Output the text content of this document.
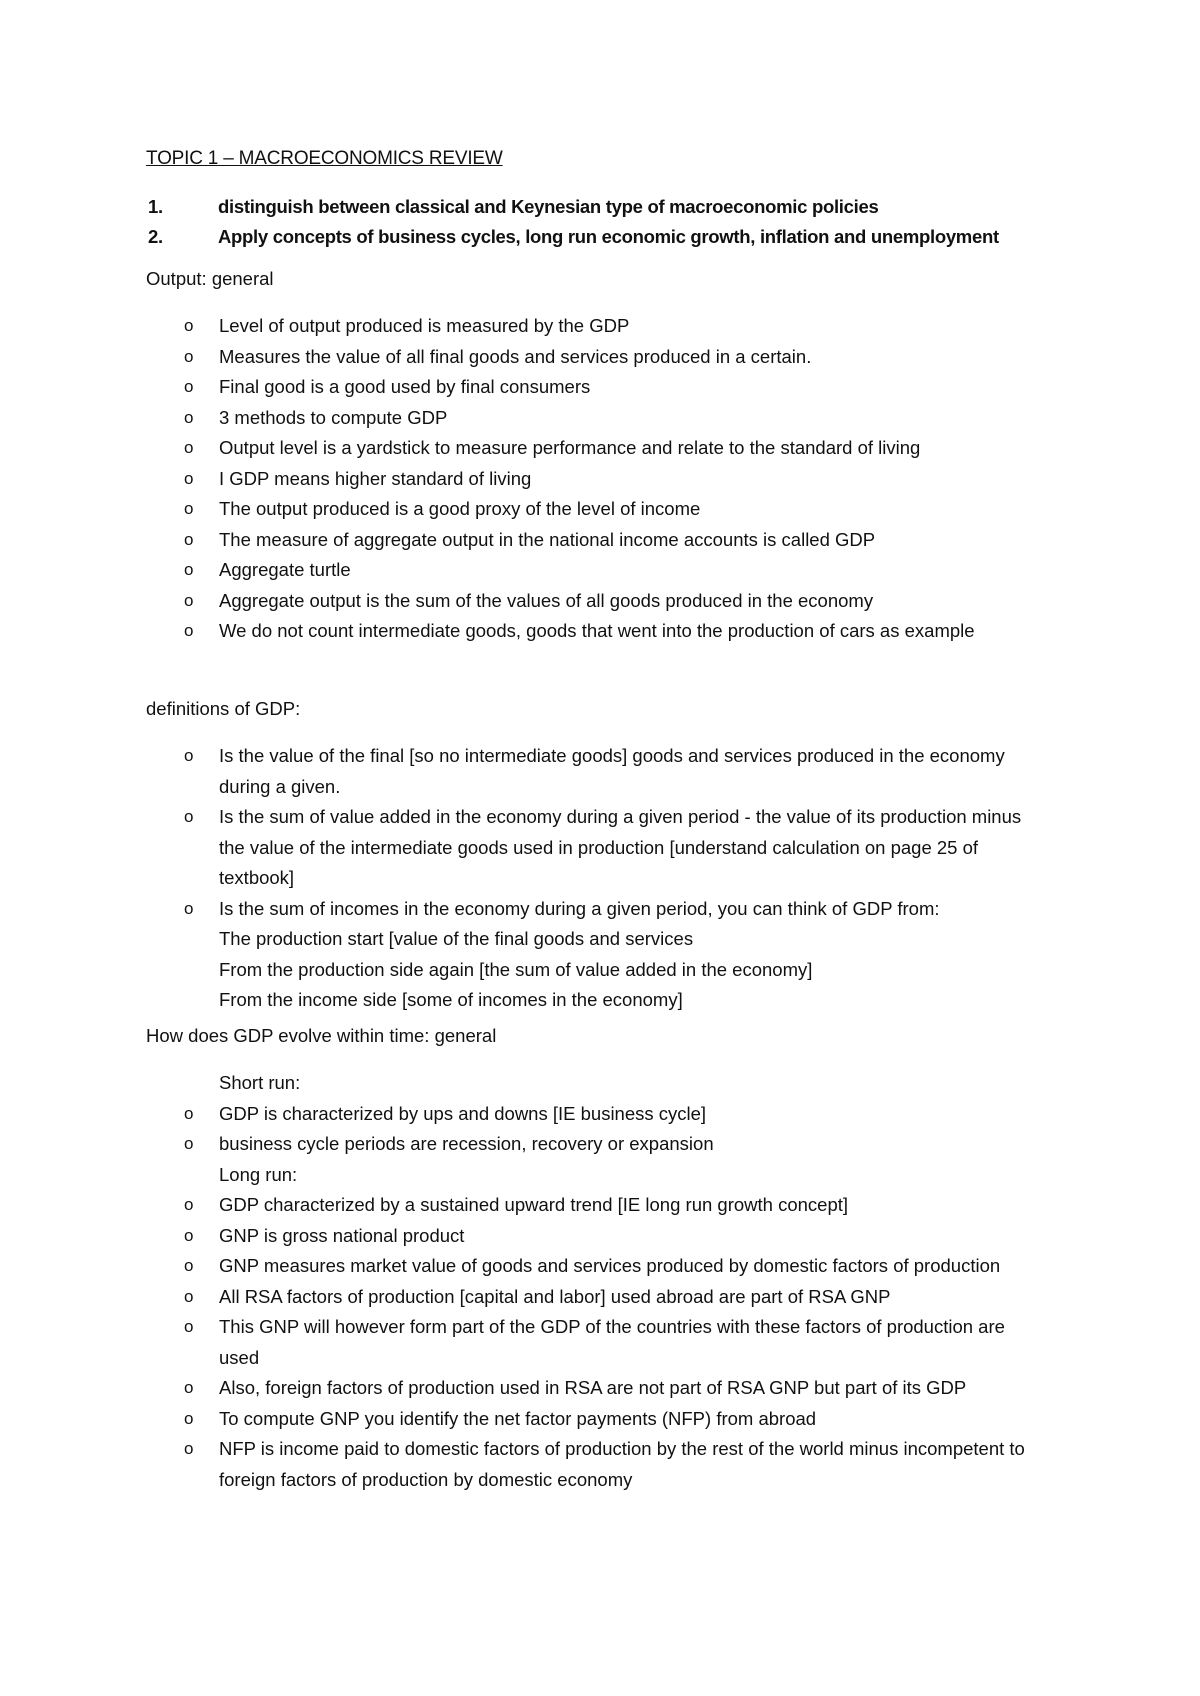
TOPIC 1 – MACROECONOMICS REVIEW
1.	distinguish between classical and Keynesian type of macroeconomic policies
2.	Apply concepts of business cycles, long run economic growth, inflation and unemployment
Output: general
o Level of output produced is measured by the GDP
o Measures the value of all final goods and services produced in a certain.
o Final good is a good used by final consumers
o 3 methods to compute GDP
o Output level is a yardstick to measure performance and relate to the standard of living
o I GDP means higher standard of living
o The output produced is a good proxy of the level of income
o The measure of aggregate output in the national income accounts is called GDP
o Aggregate turtle
o Aggregate output is the sum of the values of all goods produced in the economy
o We do not count intermediate goods, goods that went into the production of cars as example
definitions of GDP:
o Is the value of the final [so no intermediate goods] goods and services produced in the economy during a given.
o Is the sum of value added in the economy during a given period - the value of its production minus the value of the intermediate goods used in production [understand calculation on page 25 of textbook]
o Is the sum of incomes in the economy during a given period, you can think of GDP from:
The production start [value of the final goods and services
From the production side again [the sum of value added in the economy]
From the income side [some of incomes in the economy]
How does GDP evolve within time: general
Short run:
o GDP is characterized by ups and downs [IE business cycle]
o business cycle periods are recession, recovery or expansion
Long run:
o GDP characterized by a sustained upward trend [IE long run growth concept]
o GNP is gross national product
o GNP measures market value of goods and services produced by domestic factors of production
o All RSA factors of production [capital and labor] used abroad are part of RSA GNP
o This GNP will however form part of the GDP of the countries with these factors of production are used
o Also, foreign factors of production used in RSA are not part of RSA GNP but part of its GDP
o To compute GNP you identify the net factor payments (NFP) from abroad
o NFP is income paid to domestic factors of production by the rest of the world minus incompetent to foreign factors of production by domestic economy
